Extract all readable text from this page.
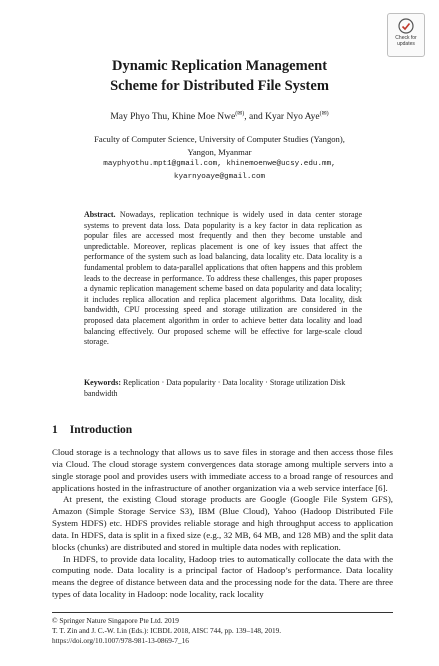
Check for
updates
Dynamic Replication Management
Scheme for Distributed File System
May Phyo Thu, Khine Moe Nwe(✉), and Kyar Nyo Aye(✉)
Faculty of Computer Science, University of Computer Studies (Yangon),
Yangon, Myanmar
mayphyothu.mpt1@gmail.com, khinemoenwe@ucsy.edu.mm,
kyarnyoaye@gmail.com
Abstract. Nowadays, replication technique is widely used in data center storage systems to prevent data loss. Data popularity is a key factor in data replication as popular files are accessed most frequently and then they become unstable and unpredictable. Moreover, replicas placement is one of key issues that affect the performance of the system such as load balancing, data locality etc. Data locality is a fundamental problem to data-parallel applications that often happens and this problem leads to the decrease in performance. To address these challenges, this paper proposes a dynamic replication management scheme based on data popularity and data locality; it includes replica allocation and replica placement algorithms. Data locality, disk bandwidth, CPU processing speed and storage utilization are considered in the proposed data placement algorithm in order to achieve better data locality and load balancing effectively. Our proposed scheme will be effective for large-scale cloud storage.
Keywords: Replication · Data popularity · Data locality · Storage utilization Disk bandwidth
1 Introduction

Cloud storage is a technology that allows us to save files in storage and then access those files via Cloud. The cloud storage system convergences data storage among multiple servers into a single storage pool and provides users with immediate access to a broad range of resources and applications hosted in the infrastructure of another organization via a web service interface [6].

At present, the existing Cloud storage products are Google (Google File System GFS), Amazon (Simple Storage Service S3), IBM (Blue Cloud), Yahoo (Hadoop Distributed File System HDFS) etc. HDFS provides reliable storage and high throughput access to application data. In HDFS, data is split in a fixed size (e.g., 32 MB, 64 MB, and 128 MB) and the split data blocks (chunks) are distributed and stored in multiple data nodes with replication.

In HDFS, to provide data locality, Hadoop tries to automatically collocate the data with the computing node. Data locality is a principal factor of Hadoop’s performance. Data locality means the degree of distance between data and the processing node for the data. There are three types of data locality in Hadoop: node locality, rack locality

© Springer Nature Singapore Pte Ltd. 2019
T. T. Zin and J. C.-W. Lin (Eds.): ICBDL 2018, AISC 744, pp. 139–148, 2019.
https://doi.org/10.1007/978-981-13-0869-7_16
